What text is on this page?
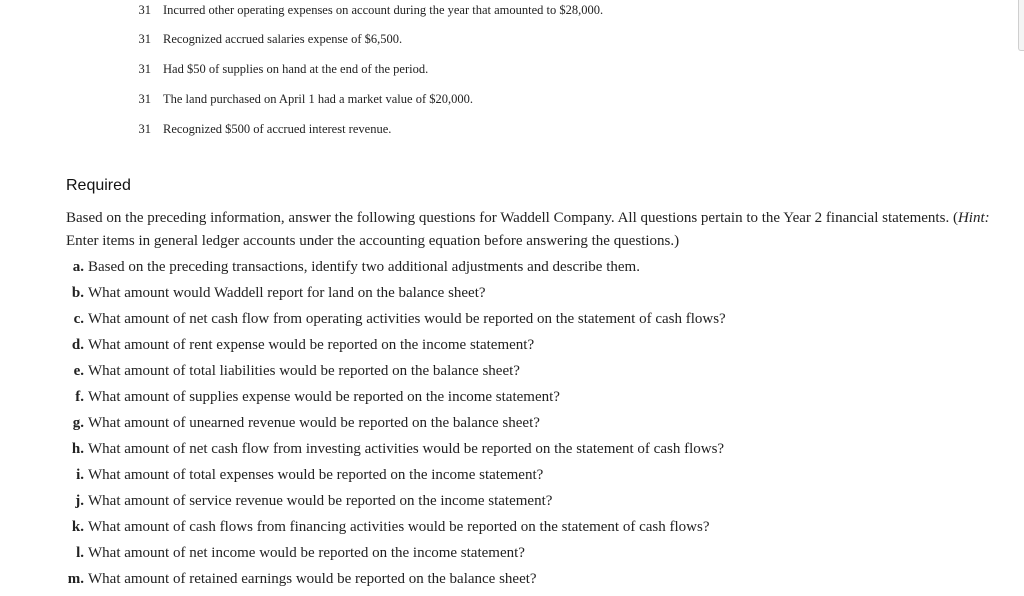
31 Incurred other operating expenses on account during the year that amounted to $28,000.
31 Recognized accrued salaries expense of $6,500.
31 Had $50 of supplies on hand at the end of the period.
31 The land purchased on April 1 had a market value of $20,000.
31 Recognized $500 of accrued interest revenue.
Required
Based on the preceding information, answer the following questions for Waddell Company. All questions pertain to the Year 2 financial statements. (Hint: Enter items in general ledger accounts under the accounting equation before answering the questions.)
a. Based on the preceding transactions, identify two additional adjustments and describe them.
b. What amount would Waddell report for land on the balance sheet?
c. What amount of net cash flow from operating activities would be reported on the statement of cash flows?
d. What amount of rent expense would be reported on the income statement?
e. What amount of total liabilities would be reported on the balance sheet?
f. What amount of supplies expense would be reported on the income statement?
g. What amount of unearned revenue would be reported on the balance sheet?
h. What amount of net cash flow from investing activities would be reported on the statement of cash flows?
i. What amount of total expenses would be reported on the income statement?
j. What amount of service revenue would be reported on the income statement?
k. What amount of cash flows from financing activities would be reported on the statement of cash flows?
l. What amount of net income would be reported on the income statement?
m. What amount of retained earnings would be reported on the balance sheet?
